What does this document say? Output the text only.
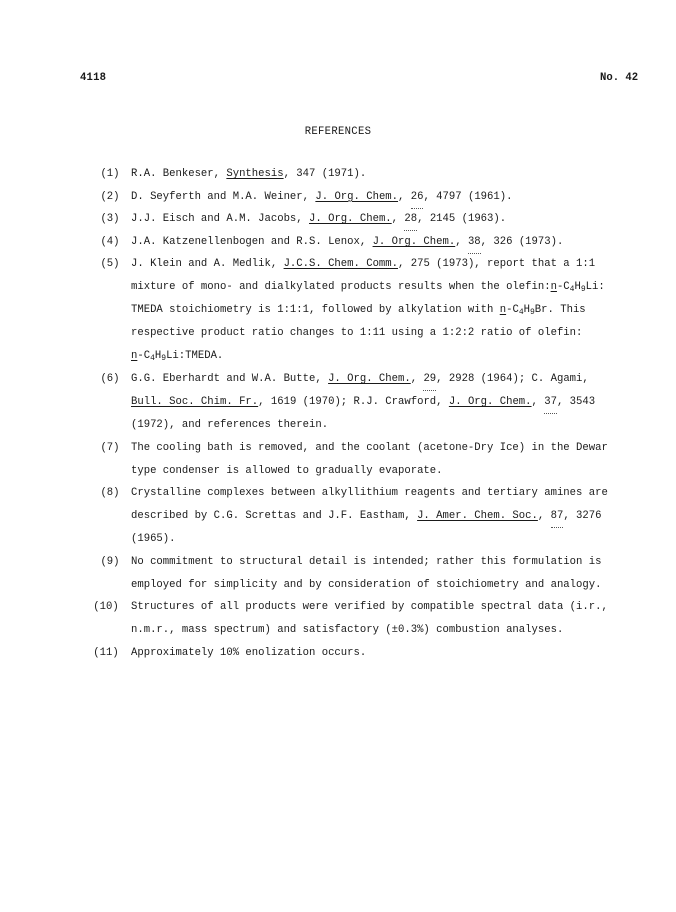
4118	No. 42
REFERENCES
(1)	R.A. Benkeser, Synthesis, 347 (1971).
(2)	D. Seyferth and M.A. Weiner, J. Org. Chem., 26, 4797 (1961).
(3)	J.J. Eisch and A.M. Jacobs, J. Org. Chem., 28, 2145 (1963).
(4)	J.A. Katzenellenbogen and R.S. Lenox, J. Org. Chem., 38, 326 (1973).
(5)	J. Klein and A. Medlik, J.C.S. Chem. Comm., 275 (1973), report that a 1:1
mixture of mono- and dialkylated products results when the $olefin:n-C_4H_9Li$:
TMEDA stoichiometry is 1:1:1, followed by alkylation with $n-C_4H_9Br$. This
respective product ratio changes to 1:11 using a 1:2:2 ratio of olefin:
$n-C_4H_9Li:TMEDA$.
(6)	G.G. Eberhardt and W.A. Butte, J. Org. Chem., 29, 2928 (1964); C. Agami,
Bull. Soc. Chim. Fr., 1619 (1970); R.J. Crawford, J. Org. Chem., 37, 3543
(1972), and references therein.
(7)	The cooling bath is removed, and the coolant (acetone-Dry Ice) in the Dewar
type condenser is allowed to gradually evaporate.
(8)	Crystalline complexes between alkyllithium reagents and tertiary amines are
described by C.G. Screttas and J.F. Eastham, J. Amer. Chem. Soc., 87, 3276
(1965).
(9)	No commitment to structural detail is intended; rather this formulation is
employed for simplicity and by consideration of stoichiometry and analogy.
(10)	Structures of all products were verified by compatible spectral data (i.r.,
n.m.r., mass spectrum) and satisfactory (±0.3%) combustion analyses.
(11)	Approximately 10% enolization occurs.
